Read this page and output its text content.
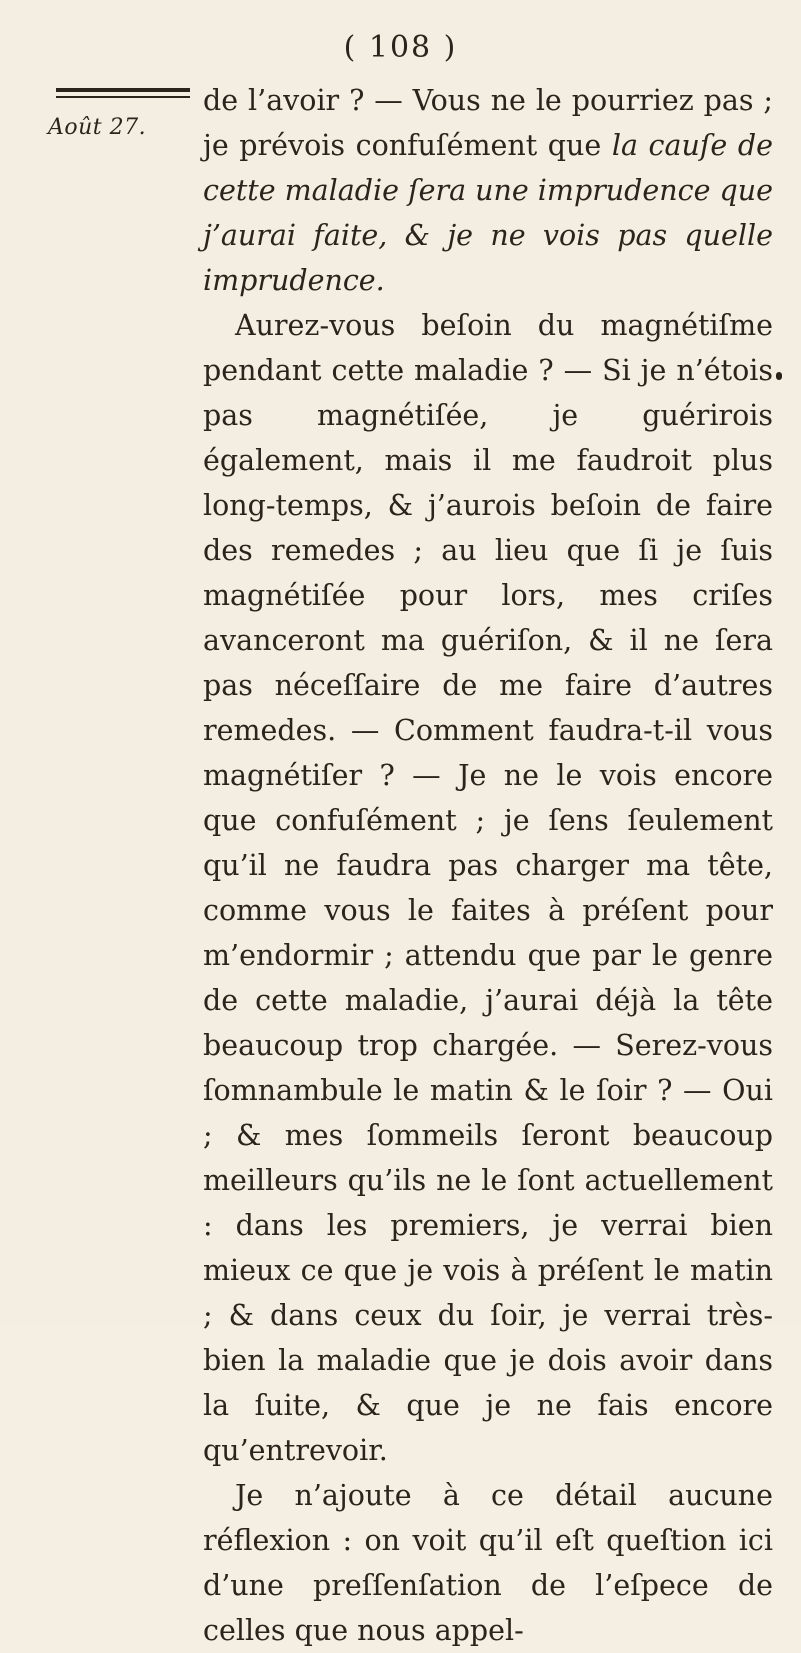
( 108 )
Août 27.

de l’avoir ? — Vous ne le pourriez pas ; je prévois confuſément que la cauſe de cette maladie ſera une imprudence que j’aurai faite, & je ne vois pas quelle imprudence.

Aurez-vous beſoin du magnétiſme pendant cette maladie ? — Si je n’étois pas magnétiſée, je guérirois également, mais il me faudroit plus long-temps, & j’aurois beſoin de faire des remedes ; au lieu que ſi je ſuis magnétiſée pour lors, mes criſes avanceront ma guériſon, & il ne ſera pas néceſſaire de me faire d’autres remedes. — Comment faudra-t-il vous magnétiſer ? — Je ne le vois encore que confuſément ; je ſens ſeulement qu’il ne faudra pas charger ma tête, comme vous le faites à préſent pour m’endormir ; attendu que par le genre de cette maladie, j’aurai déjà la tête beaucoup trop chargée. — Serez-vous ſomnambule le matin & le ſoir ? — Oui ; & mes ſommeils ſeront beaucoup meilleurs qu’ils ne le ſont actuellement : dans les premiers, je verrai bien mieux ce que je vois à préſent le matin ; & dans ceux du ſoir, je verrai très-bien la maladie que je dois avoir dans la ſuite, & que je ne fais encore qu’entrevoir.

Je n’ajoute à ce détail aucune réflexion : on voit qu’il eſt queſtion ici d’une preſſenſation de l’eſpece de celles que nous appel-
